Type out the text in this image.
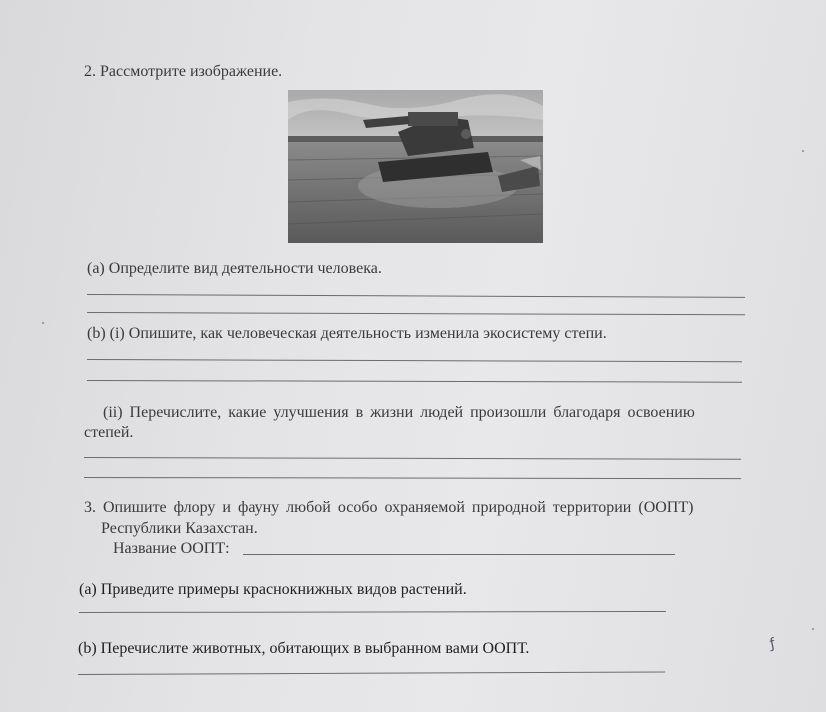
2. Рассмотрите изображение.
(а) Определите вид деятельности человека.
(b) (i) Опишите, как человеческая деятельность изменила экосистему степи.
(ii) Перечислите, какие улучшения в жизни людей произошли благодаря освоению
степей.
3. Опишите флору и фауну любой особо охраняемой природной территории (ООПТ)
Республики Казахстан.
Название ООПТ:
(а) Приведите примеры краснокнижных видов растений.
(b) Перечислите животных, обитающих в выбранном вами ООПТ.	ƒ
